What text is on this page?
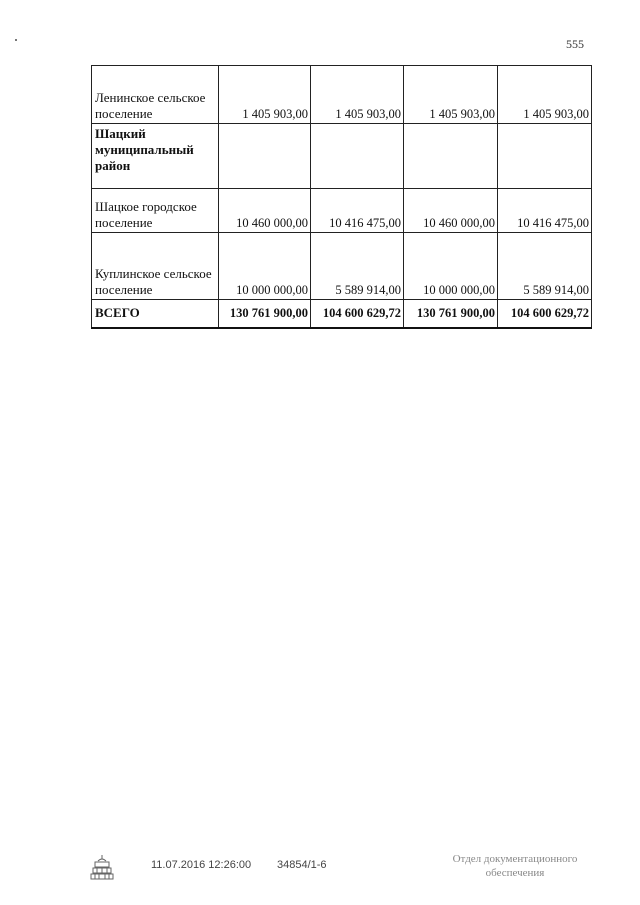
555
Ленинское сельское поселение	1 405 903,00	1 405 903,00	1 405 903,00	1 405 903,00
Шацкий муниципальный район				
Шацкое городское поселение	10 460 000,00	10 416 475,00	10 460 000,00	10 416 475,00
Куплинское сельское поселение	10 000 000,00	5 589 914,00	10 000 000,00	5 589 914,00
ВСЕГО	130 761 900,00	104 600 629,72	130 761 900,00	104 600 629,72
11.07.2016 12:26:00 34854/1-6	Отдел документационного
обеспечения
